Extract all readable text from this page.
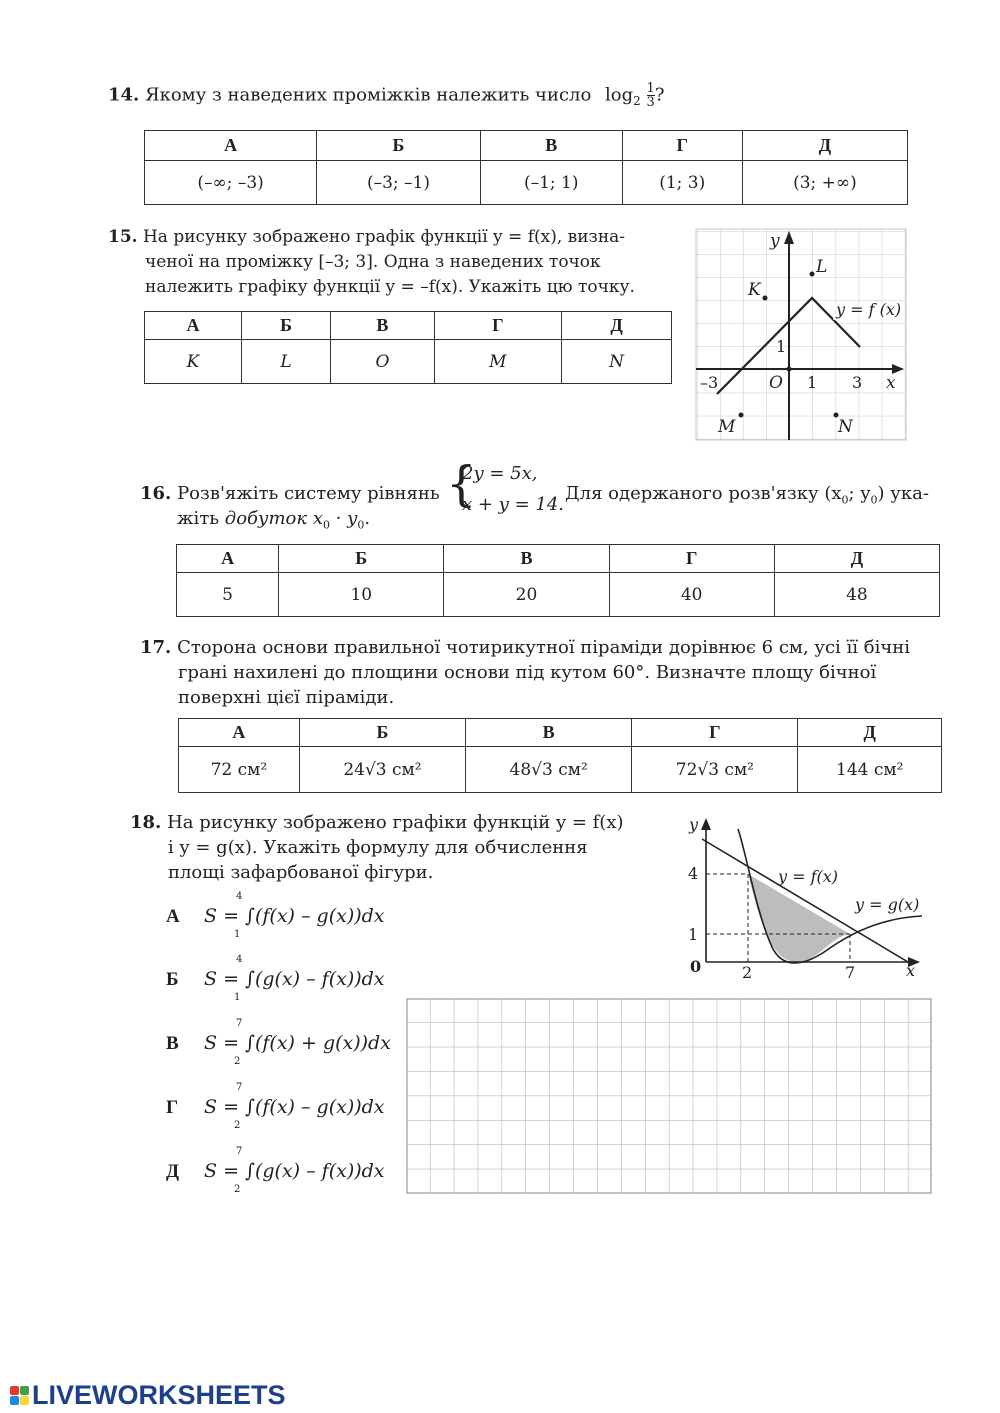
14. Якому з наведених проміжків належить число $\log_2 \frac{1}{3}$ ?
А	Б	В	Г	Д
(–∞; –3)	(–3; –1)	(–1; 1)	(1; 3)	(3; +∞)
15. На рисунку зображено графік функції y = f(x), визна-
ченої на проміжку [–3; 3]. Одна з наведених точок
належить графіку функції y = –f(x). Укажіть цю точку.
А	Б	В	Г	Д
K	L	O	M	N
y
L
K
y = f (x)
O	x
M	N
1
–3	1 3
16. Розв'яжіть систему рівнянь {
2y = 5x,
x + y = 14.
Для одержаного розв'язку ($x_0$; $y_0$) ука-
жіть добуток $x_0 \cdot y_0$.
А	Б	В	Г	Д
5	10	20	40	48
17. Сторона основи правильної чотирикутної піраміди дорівнює 6 см, усі її бічні
грані нахилені до площини основи під кутом 60°. Визначте площу бічної
поверхні цієї піраміди.
А	Б	В	Г	Д
72 см²	24√3 см²	48√3 см²	72√3 см²	144 см²
18. На рисунку зображено графіки функцій y = f(x)
і y = g(x). Укажіть формулу для обчислення
площі зафарбованої фігури.
А S = ∫(f(x) – g(x))dx
4
1
Б S = ∫(g(x) – f(x))dx
4
1
В S = ∫(f(x) + g(x))dx
7
2
Г S = ∫(f(x) – g(x))dx
7
2
Д S = ∫(g(x) – f(x))dx
7
2
4
1
0	2	7
y
x
y = f(x)
y = g(x)
LIVEWORKSHEETS
